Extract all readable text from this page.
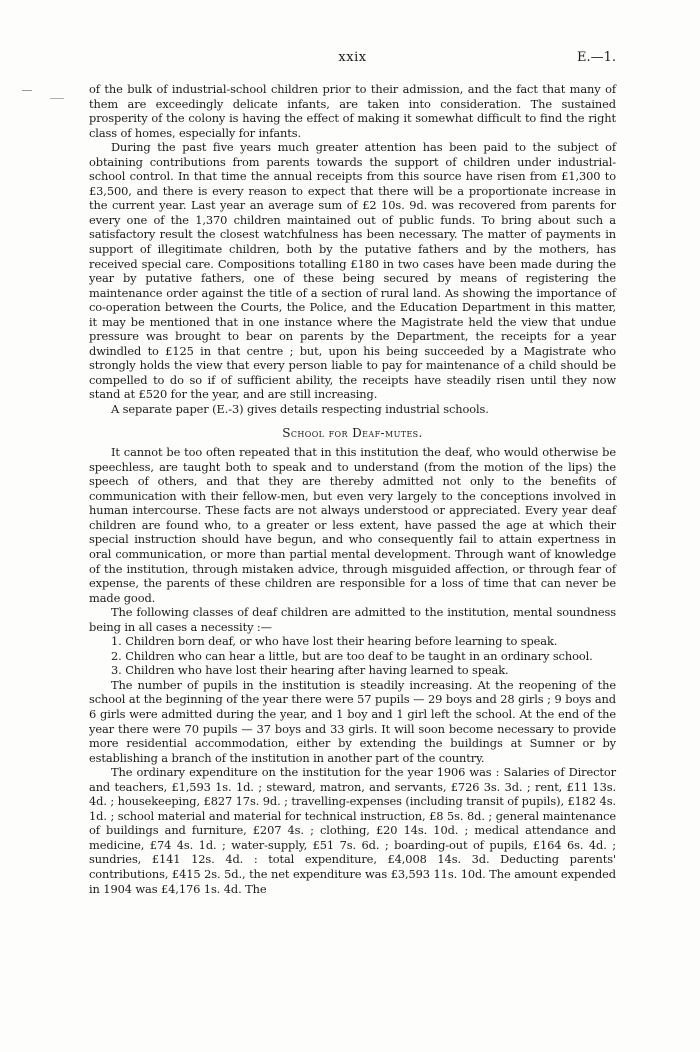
xxix	E.—1.

of the bulk of industrial-school children prior to their admission, and the fact that many of them are exceedingly delicate infants, are taken into consideration. The sustained prosperity of the colony is having the effect of making it somewhat difficult to find the right class of homes, especially for infants.

During the past five years much greater attention has been paid to the subject of obtaining contributions from parents towards the support of children under industrial-school control. In that time the annual receipts from this source have risen from £1,300 to £3,500, and there is every reason to expect that there will be a proportionate increase in the current year. Last year an average sum of £2 10s. 9d. was recovered from parents for every one of the 1,370 children maintained out of public funds. To bring about such a satisfactory result the closest watchfulness has been necessary. The matter of payments in support of illegitimate children, both by the putative fathers and by the mothers, has received special care. Compositions totalling £180 in two cases have been made during the year by putative fathers, one of these being secured by means of registering the maintenance order against the title of a section of rural land. As showing the importance of co-operation between the Courts, the Police, and the Education Department in this matter, it may be mentioned that in one instance where the Magistrate held the view that undue pressure was brought to bear on parents by the Department, the receipts for a year dwindled to £125 in that centre ; but, upon his being succeeded by a Magistrate who strongly holds the view that every person liable to pay for maintenance of a child should be compelled to do so if of sufficient ability, the receipts have steadily risen until they now stand at £520 for the year, and are still increasing.

A separate paper (E.-3) gives details respecting industrial schools.

School for Deaf-mutes.

It cannot be too often repeated that in this institution the deaf, who would otherwise be speechless, are taught both to speak and to understand (from the motion of the lips) the speech of others, and that they are thereby admitted not only to the benefits of communication with their fellow-men, but even very largely to the conceptions involved in human intercourse. These facts are not always understood or appreciated. Every year deaf children are found who, to a greater or less extent, have passed the age at which their special instruction should have begun, and who consequently fail to attain expertness in oral communication, or more than partial mental development. Through want of knowledge of the institution, through mistaken advice, through misguided affection, or through fear of expense, the parents of these children are responsible for a loss of time that can never be made good.

The following classes of deaf children are admitted to the institution, mental soundness being in all cases a necessity :—

1. Children born deaf, or who have lost their hearing before learning to speak.

2. Children who can hear a little, but are too deaf to be taught in an ordinary school.

3. Children who have lost their hearing after having learned to speak.

The number of pupils in the institution is steadily increasing. At the reopening of the school at the beginning of the year there were 57 pupils — 29 boys and 28 girls ; 9 boys and 6 girls were admitted during the year, and 1 boy and 1 girl left the school. At the end of the year there were 70 pupils — 37 boys and 33 girls. It will soon become necessary to provide more residential accommodation, either by extending the buildings at Sumner or by establishing a branch of the institution in another part of the country.

The ordinary expenditure on the institution for the year 1906 was : Salaries of Director and teachers, £1,593 1s. 1d. ; steward, matron, and servants, £726 3s. 3d. ; rent, £11 13s. 4d. ; housekeeping, £827 17s. 9d. ; travelling-expenses (including transit of pupils), £182 4s. 1d. ; school material and material for technical instruction, £8 5s. 8d. ; general maintenance of buildings and furniture, £207 4s. ; clothing, £20 14s. 10d. ; medical attendance and medicine, £74 4s. 1d. ; water-supply, £51 7s. 6d. ; boarding-out of pupils, £164 6s. 4d. ; sundries, £141 12s. 4d. : total expenditure, £4,008 14s. 3d. Deducting parents' contributions, £415 2s. 5d., the net expenditure was £3,593 11s. 10d. The amount expended in 1904 was £4,176 1s. 4d. The
